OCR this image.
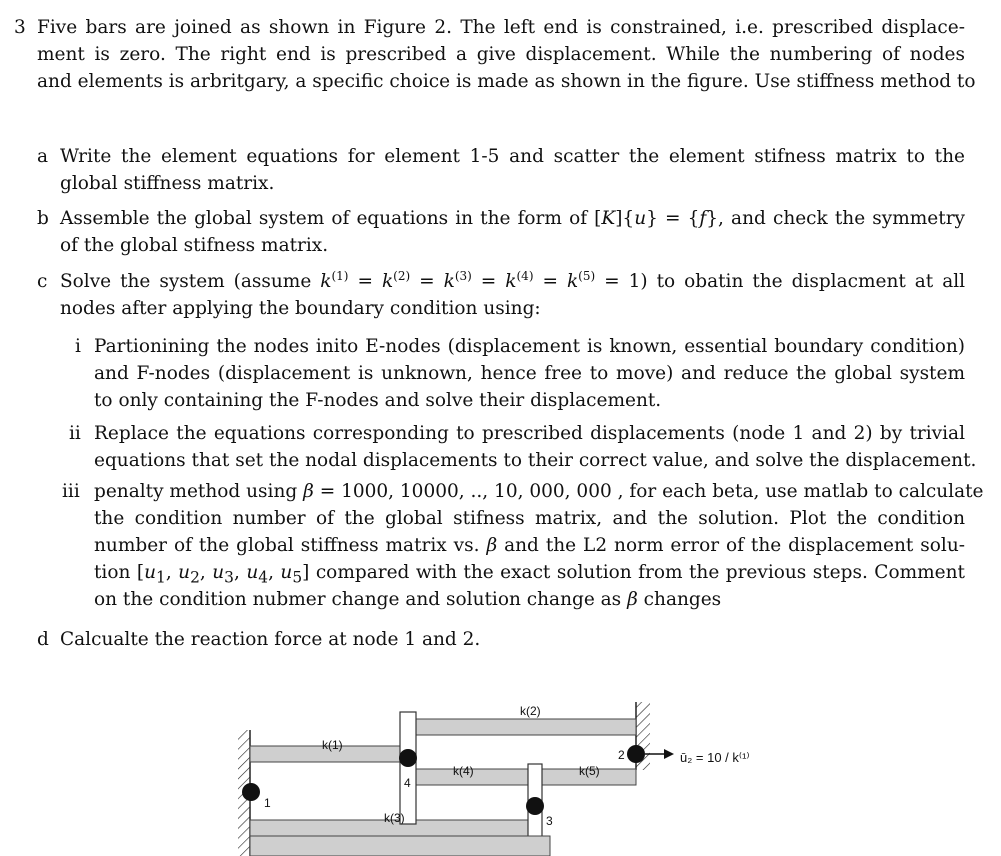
3 Five bars are joined as shown in Figure 2. The left end is constrained, i.e. prescribed displace-
ment is zero. The right end is prescribed a give displacement. While the numbering of nodes
and elements is arbritgary, a specific choice is made as shown in the figure. Use stiffness method to
a Write the element equations for element 1-5 and scatter the element stifness matrix to the
global stiffness matrix.
b Assemble the global system of equations in the form of [K]{u} = {f}, and check the symmetry
of the global stifness matrix.
c Solve the system (assume $k^{(1)} = k^{(2)} = k^{(3)} = k^{(4)} = k^{(5)} = 1$) to obatin the displacment at all
nodes after applying the boundary condition using:
i Partionining the nodes inito E-nodes (displacement is known, essential boundary condition)
and F-nodes (displacement is unknown, hence free to move) and reduce the global system
to only containing the F-nodes and solve their displacement.
ii Replace the equations corresponding to prescribed displacements (node 1 and 2) by trivial
equations that set the nodal displacements to their correct value, and solve the displacement.
iii penalty method using β = 1000, 10000, .., 10, 000, 000 , for each beta, use matlab to calculate
the condition number of the global stifness matrix, and the solution. Plot the condition
number of the global stiffness matrix vs. β and the L2 norm error of the displacement solu-
tion [$u_1$, $u_2$, $u_3$, $u_4$, $u_5$] compared with the exact solution from the previous steps. Comment
on the condition nubmer change and solution change as β changes
d Calcualte the reaction force at node 1 and 2.
k(1)
k(2)
k(3)
k(4)	k(5)
1
2
3
4
ū₂ = 10 / k⁽¹⁾
